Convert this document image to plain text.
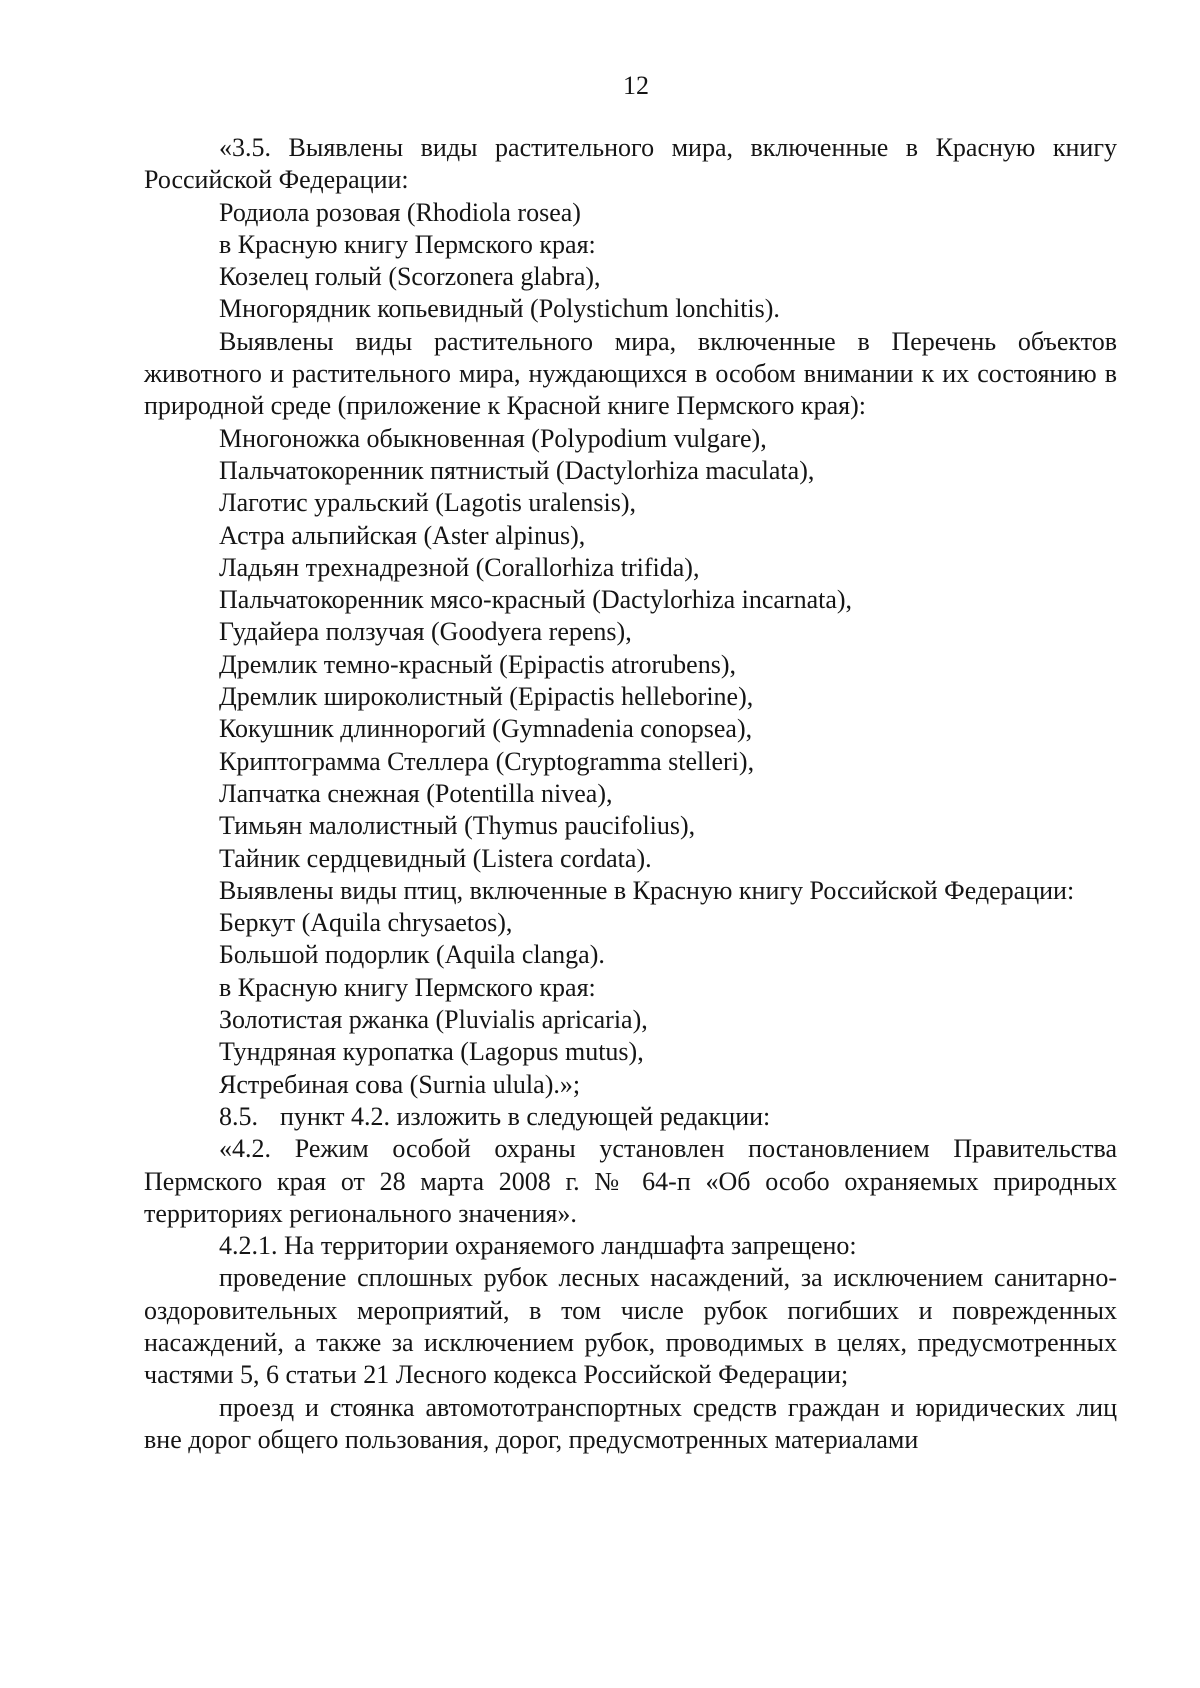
12
«3.5. Выявлены виды растительного мира, включенные в Красную книгу Российской Федерации:
Родиола розовая (Rhodiola rosea)
в Красную книгу Пермского края:
Козелец голый (Scorzonera glabra),
Многорядник копьевидный (Polystichum lonchitis).
Выявлены виды растительного мира, включенные в Перечень объектов животного и растительного мира, нуждающихся в особом внимании к их состоянию в природной среде (приложение к Красной книге Пермского края):
Многоножка обыкновенная (Polypodium vulgare),
Пальчатокоренник пятнистый (Dactylorhiza maculata),
Лаготис уральский (Lagotis uralensis),
Астра альпийская (Aster alpinus),
Ладьян трехнадрезной (Corallorhiza trifida),
Пальчатокоренник мясо-красный (Dactylorhiza incarnata),
Гудайера ползучая (Goodyera repens),
Дремлик темно-красный (Epipactis atrorubens),
Дремлик широколистный (Epipactis helleborine),
Кокушник длиннорогий (Gymnadenia conopsea),
Криптограмма Стеллера (Cryptogramma stelleri),
Лапчатка снежная (Potentilla nivea),
Тимьян малолистный (Thymus paucifolius),
Тайник сердцевидный (Listera cordata).
Выявлены виды птиц, включенные в Красную книгу Российской Федерации:
Беркут (Aquila chrysaetos),
Большой подорлик (Aquila clanga).
в Красную книгу Пермского края:
Золотистая ржанка (Pluvialis apricaria),
Тундряная куропатка (Lagopus mutus),
Ястребиная сова (Surnia ulula).»;
8.5. пункт 4.2. изложить в следующей редакции:
«4.2. Режим особой охраны установлен постановлением Правительства Пермского края от 28 марта 2008 г. № 64-п «Об особо охраняемых природных территориях регионального значения».
4.2.1. На территории охраняемого ландшафта запрещено:
проведение сплошных рубок лесных насаждений, за исключением санитарно-оздоровительных мероприятий, в том числе рубок погибших и поврежденных насаждений, а также за исключением рубок, проводимых в целях, предусмотренных частями 5, 6 статьи 21 Лесного кодекса Российской Федерации;
проезд и стоянка автомототранспортных средств граждан и юридических лиц вне дорог общего пользования, дорог, предусмотренных материалами
